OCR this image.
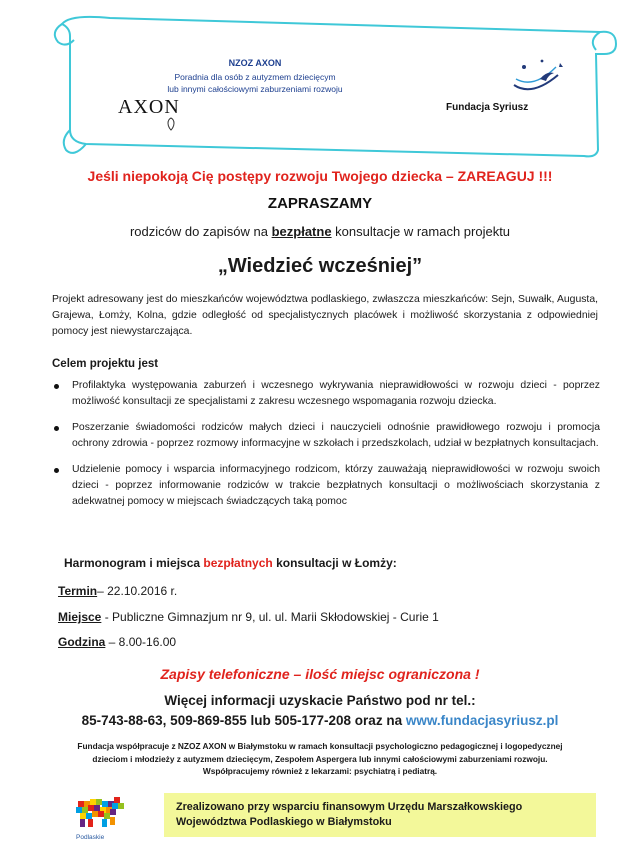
NZOZ AXON
Poradnia dla osób z autyzmem dziecięcym
lub innymi całościowymi zaburzeniami rozwoju
AXON	Fundacja Syriusz
Jeśli niepokoją Cię postępy rozwoju Twojego dziecka – ZAREAGUJ !!!
ZAPRASZAMY
rodziców do zapisów na bezpłatne konsultacje w ramach projektu
„Wiedzieć wcześniej”
Projekt adresowany jest do mieszkańców województwa podlaskiego, zwłaszcza mieszkańców: Sejn, Suwałk, Augusta, Grajewa, Łomży, Kolna, gdzie odległość od specjalistycznych placówek i możliwość skorzystania z odpowiedniej pomocy jest niewystarczająca.
Celem projektu jest
Profilaktyka występowania zaburzeń i wczesnego wykrywania nieprawidłowości w rozwoju dzieci - poprzez możliwość konsultacji ze specjalistami z zakresu wczesnego wspomagania rozwoju dziecka.
Poszerzanie świadomości rodziców małych dzieci i nauczycieli odnośnie prawidłowego rozwoju i promocja ochrony zdrowia - poprzez rozmowy informacyjne w szkołach i przedszkolach, udział w bezpłatnych konsultacjach.
Udzielenie pomocy i wsparcia informacyjnego rodzicom, którzy zauważają nieprawidłowości w rozwoju swoich dzieci - poprzez informowanie rodziców w trakcie bezpłatnych konsultacji o możliwościach skorzystania z adekwatnej pomocy w miejscach świadczących taką pomoc
Harmonogram i miejsca bezpłatnych konsultacji w Łomży:
Termin– 22.10.2016 r.
Miejsce - Publiczne Gimnazjum nr 9, ul. ul. Marii Skłodowskiej - Curie 1
Godzina – 8.00-16.00
Zapisy telefoniczne – ilość miejsc ograniczona !
Więcej informacji uzyskacie Państwo pod nr tel.:
85-743-88-63, 509-869-855 lub 505-177-208 oraz na www.fundacjasyriusz.pl
Fundacja współpracuje z NZOZ AXON w Białymstoku w ramach konsultacji psychologiczno pedagogicznej i logopedycznej
dzieciom i młodzieży z autyzmem dziecięcym, Zespołem Aspergera lub innymi całościowymi zaburzeniami rozwoju.
Współpracujemy również z lekarzami: psychiatrą i pediatrą.
Podlaskie
Zrealizowano przy wsparciu finansowym Urzędu Marszałkowskiego
Województwa Podlaskiego w Białymstoku
